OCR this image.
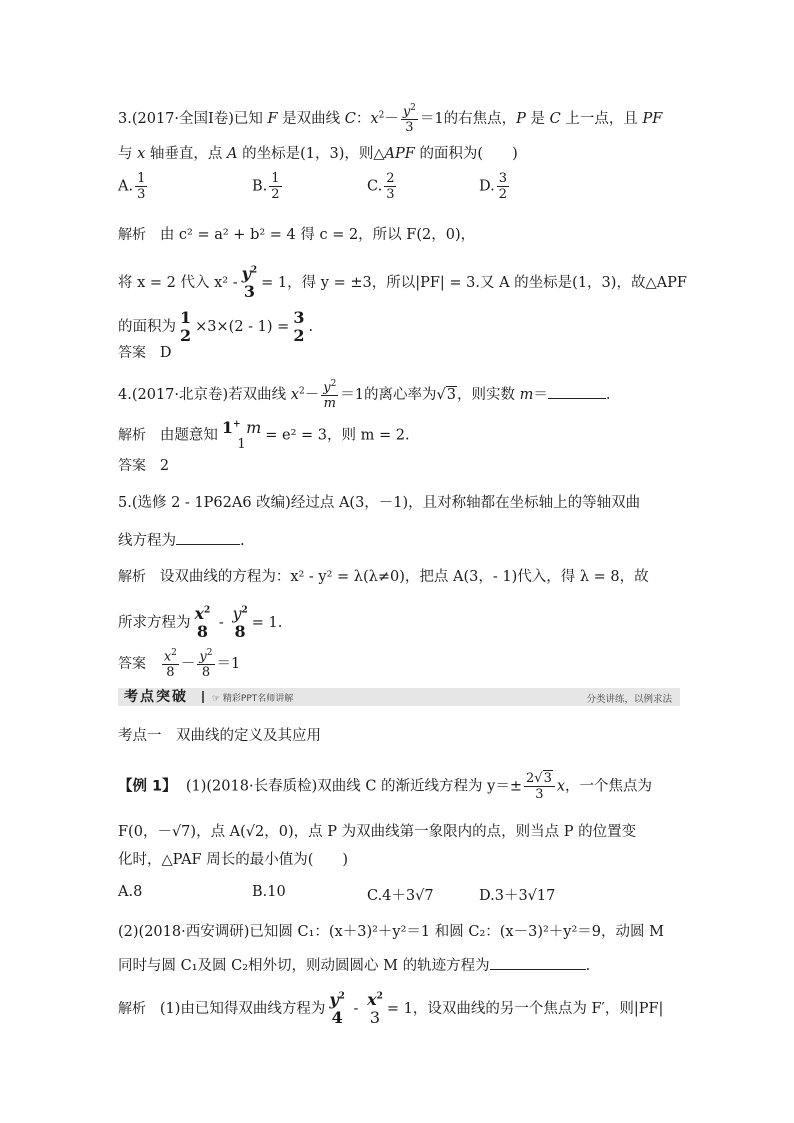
3.(2017·全国Ⅰ卷)已知 F 是双曲线 C：$x^2- \frac{y^2}{3} =1$的右焦点，P 是 C 上一点，且 PF
与 x 轴垂直，点 A 的坐标是(1，3)，则△APF 的面积为(　　)
A. $\frac{1}{3}$	B. $\frac{1}{2}$	C. $\frac{2}{3}$	D. $\frac{3}{2}$
解析 由 c² = a² + b² = 4 得 c = 2，所以 F(2，0)，
将 x = 2 代入 $x^2 - y^2$
3 = 1，得 y = ±3，所以|PF| = 3.又 A 的坐标是(1，3)，故△APF
的面积为 1
2 ×3×(2 - 1) = 3
2 .
答案 D
4.(2017·北京卷)若双曲线 $x^2- \frac{y^2}{m} =1$的离心率为√3，则实数 m＝	.
解析 由题意知 1+ m
1
= e² = 3，则 m = 2.
答案 2
5.(选修 2 - 1P62A6 改编)经过点 A(3，－1)，且对称轴都在坐标轴上的等轴双曲
线方程为	.
解析 设双曲线的方程为：x² - y² = λ(λ≠0)，把点 A(3，- 1)代入，得 λ = 8，故
所求方程为 $x^2$
$8 - y^2$
8 = 1.
答案 $\frac{x^2}{8} - \frac{y^2}{8} =1$
考点突破	☞ 精彩PPT名师讲解	分类讲练，以例求法
考点一　双曲线的定义及其应用
【例 1】 (1)(2018·长春质检)双曲线 C 的渐近线方程为 $y=\pm \frac{2√3}{3}$ x，一个焦点为
F(0，－√7)，点 A(√2，0)，点 P 为双曲线第一象限内的点，则当点 P 的位置变
化时，△PAF 周长的最小值为(　　)
A.8	B.10	C.4＋3√7	D.3＋3√17
(2)(2018·西安调研)已知圆 C₁：(x＋3)²＋y²＝1 和圆 C₂：(x－3)²＋y²＝9，动圆 M
同时与圆 C₁及圆 C₂相外切，则动圆圆心 M 的轨迹方程为	.
解析 (1)由已知得双曲线方程为 $y^2$
$4 - x^2$
3 = 1，设双曲线的另一个焦点为 F′，则|PF|
